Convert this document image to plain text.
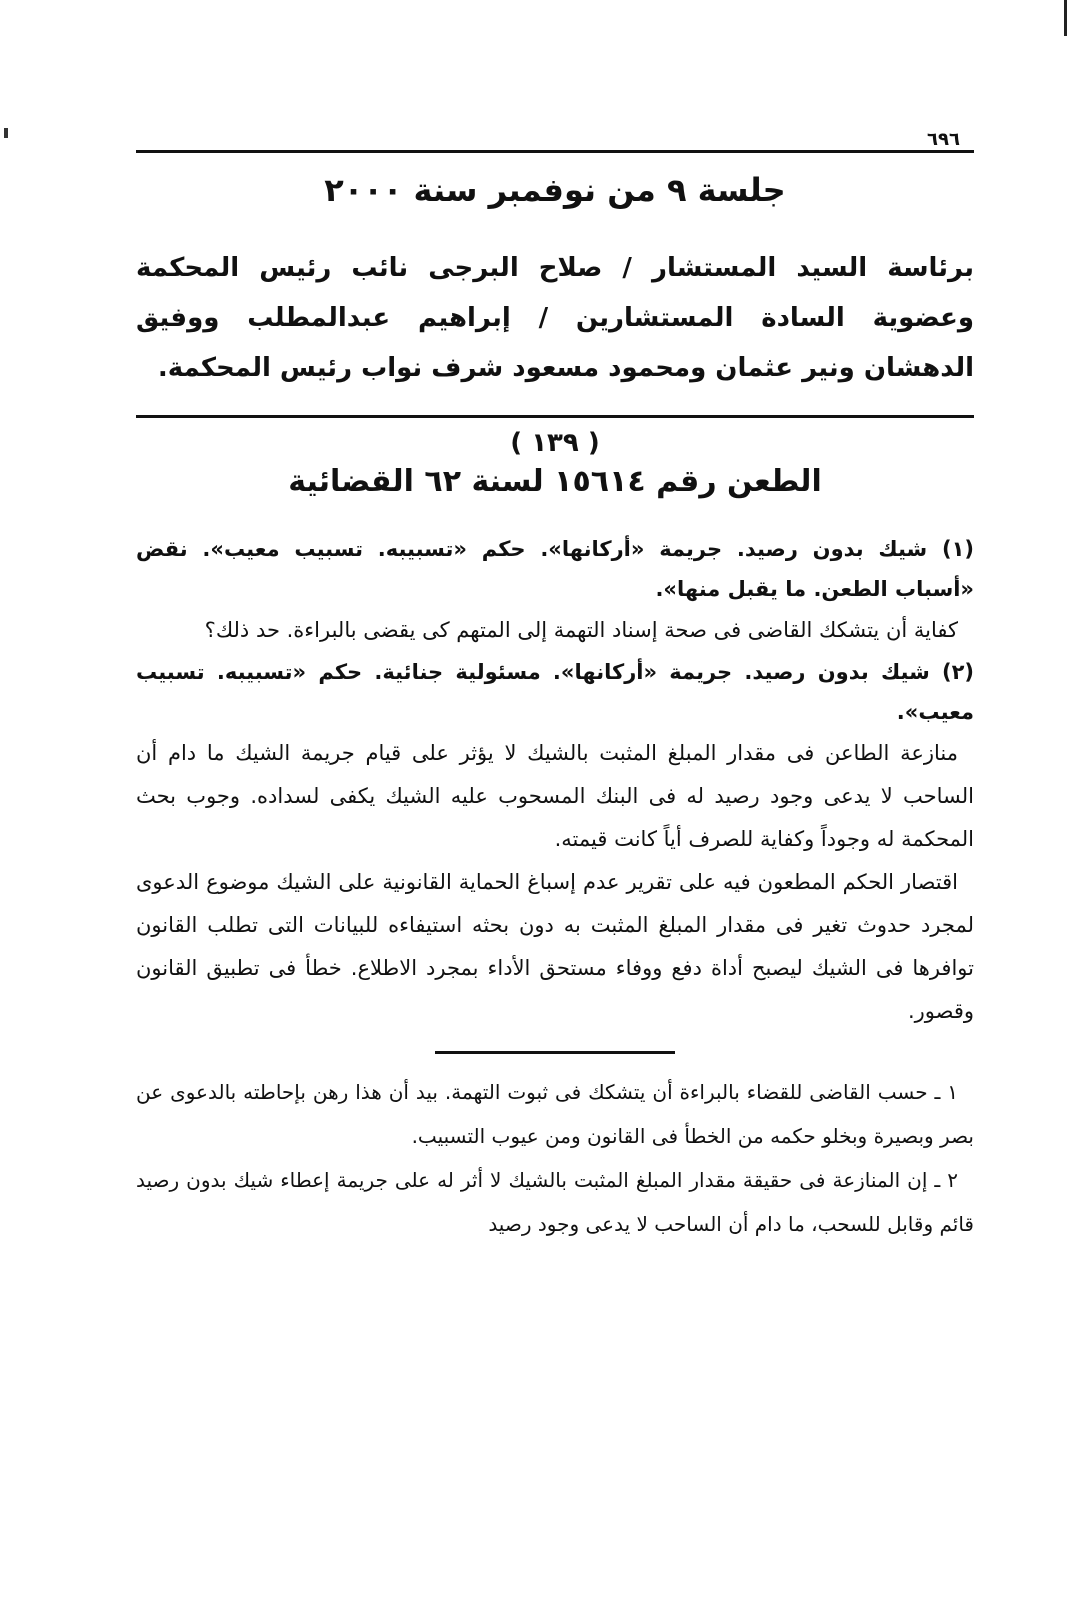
٦٩٦
جلسة ٩ من نوفمبر سنة ٢٠٠٠
برئاسة السيد المستشار / صلاح البرجى نائب رئيس المحكمة وعضوية السادة المستشارين / إبراهيم عبدالمطلب ووفيق الدهشان ونير عثمان ومحمود مسعود شرف نواب رئيس المحكمة.
( ١٣٩ )
الطعن رقم ١٥٦١٤ لسنة ٦٢ القضائية

(١) شيك بدون رصيد. جريمة «أركانها». حكم «تسبيبه. تسبيب معيب». نقض «أسباب الطعن. ما يقبل منها».

كفاية أن يتشكك القاضى فى صحة إسناد التهمة إلى المتهم كى يقضى بالبراءة. حد ذلك؟

(٢) شيك بدون رصيد. جريمة «أركانها». مسئولية جنائية. حكم «تسبيبه. تسبيب معيب».

منازعة الطاعن فى مقدار المبلغ المثبت بالشيك لا يؤثر على قيام جريمة الشيك ما دام أن الساحب لا يدعى وجود رصيد له فى البنك المسحوب عليه الشيك يكفى لسداده. وجوب بحث المحكمة له وجوداً وكفاية للصرف أياً كانت قيمته.

اقتصار الحكم المطعون فيه على تقرير عدم إسباغ الحماية القانونية على الشيك موضوع الدعوى لمجرد حدوث تغير فى مقدار المبلغ المثبت به دون بحثه استيفاءه للبيانات التى تطلب القانون توافرها فى الشيك ليصبح أداة دفع ووفاء مستحق الأداء بمجرد الاطلاع. خطأ فى تطبيق القانون وقصور.

١ ـ حسب القاضى للقضاء بالبراءة أن يتشكك فى ثبوت التهمة. بيد أن هذا رهن بإحاطته بالدعوى عن بصر وبصيرة وبخلو حكمه من الخطأ فى القانون ومن عيوب التسبيب.

٢ ـ إن المنازعة فى حقيقة مقدار المبلغ المثبت بالشيك لا أثر له على جريمة إعطاء شيك بدون رصيد قائم وقابل للسحب، ما دام أن الساحب لا يدعى وجود رصيد
